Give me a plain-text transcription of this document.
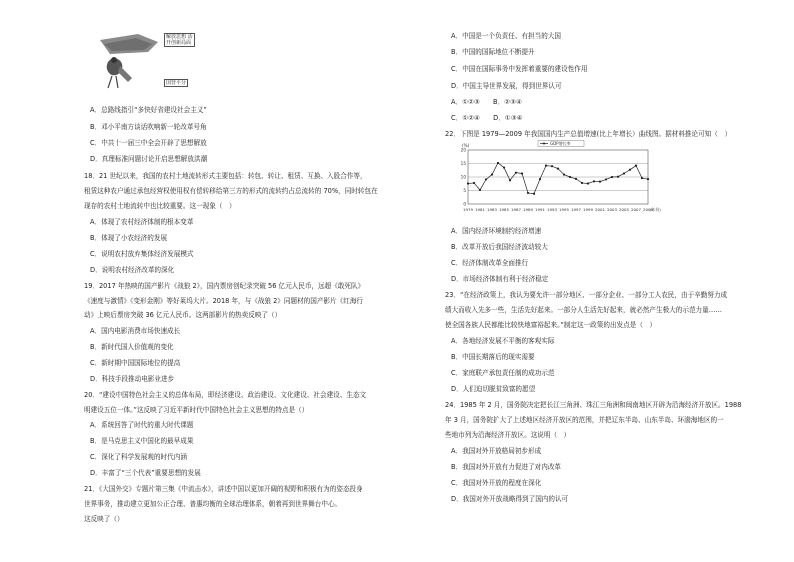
解放思想 活
开创新局面
国营平分
A．总路线指引“多快好省建设社会主义”
B．邓小平南方谈话吹响新一轮改革号角
C．中共十一届三中全会开辟了思想解放
D．真理标准问题讨论开启思想解放洪潮
18．21 世纪以来，我国的农村土地流转形式主要包括：转包、转让、租赁、互换、入股合作等，
租赁这种农户通过承包经营权使用权有偿转移给第三方的形式的流转约占总流转的 70%，同时转包在
现存的农村土地流转中也比较重要。这一现象（　）
A．体现了农村经济体制的根本变革
B．体现了小农经济的发展
C．说明农村放弃集体经济发展模式
D．说明农村经济改革的深化
19．2017 年热映的国产影片《战狼 2》，国内票房创纪录突破 56 亿元人民币，远超《敢死队》
《速度与激情》《变形金刚》等好莱坞大片。2018 年，与《战狼 2》同题材的国产影片《红海行
动》上映后票房突破 36 亿元人民币。这两部影片的热卖反映了（）
A．国内电影消费市场快速成长
B．新时代国人价值观的变化
C．新时期中国国际地位的提高
D．科技手段推动电影业进步
20．“建设中国特色社会主义的总体布局，即经济建设、政治建设、文化建设、社会建设、生态文
明建设五位一体。”这反映了习近平新时代中国特色社会主义思想的特点是（）
A．系统回答了时代的重大时代课题
B．是马克思主义中国化的最早成果
C．深化了科学发展观的时代内涵
D．丰富了“三个代表”重要思想的发展
21．《大国外交》专题片第三集《中流击水》，讲述中国以更加开阔的视野和积极有为的姿态投身
世界事务，推动建立更加公正合理、普惠均衡的全球治理体系，朝着再到世界舞台中心。
这反映了（）
A．中国是一个负责任、有担当的大国
B．中国的国际地位不断提升
C．中国在国际事务中发挥着重要的建设性作用
D．中国主导世界发展，得到世界认可
A．①②③　　B．②③④
C．①②④　　D．①③④
22．下图是 1979—2009 年我国国内生产总值增速(比上年增长）曲线图。据材料推论可知（　）
0
5
10
15
20
(%)
1979 1981 1983 1985 1987 1989 1991 1993 1995 1997 1999 2001 2003 2005 2007 2009
(年份)
GDP增长率
A．国内经济环境制约经济增速
B．改革开放后我国经济波动较大
C．经济体制改革全面推行
D．市场经济体制有利于经济稳定
23．“在经济政策上，我认为要允许一部分地区、一部分企业、一部分工人农民，由于辛勤努力成
绩大而收入先多一些，生活先好起来。一部分人生活先好起来，就必然产生极大的示范力量……
使全国各族人民都能比较快地富裕起来。”制定这一政策的出发点是（　）
A．各地经济发展不平衡的客观实际
B．中国长期落后的现实需要
C．家庭联产承包责任制的成功示范
D．人们迫切脱贫致富的愿望
24．1985 年 2 月，国务院决定把长江三角洲、珠江三角洲和闽南地区开辟为沿海经济开放区。1988
年 3 月，国务院扩大了上述地区经济开放区的范围，并把辽东半岛、山东半岛、环渤海地区的一
些地市列为沿海经济开放区。这说明（　）
A．我国对外开放格局初步形成
B．我国对外开放有力促进了对内改革
C．我国对外开放的程度在深化
D．我国对外开放战略得到了国内的认可
